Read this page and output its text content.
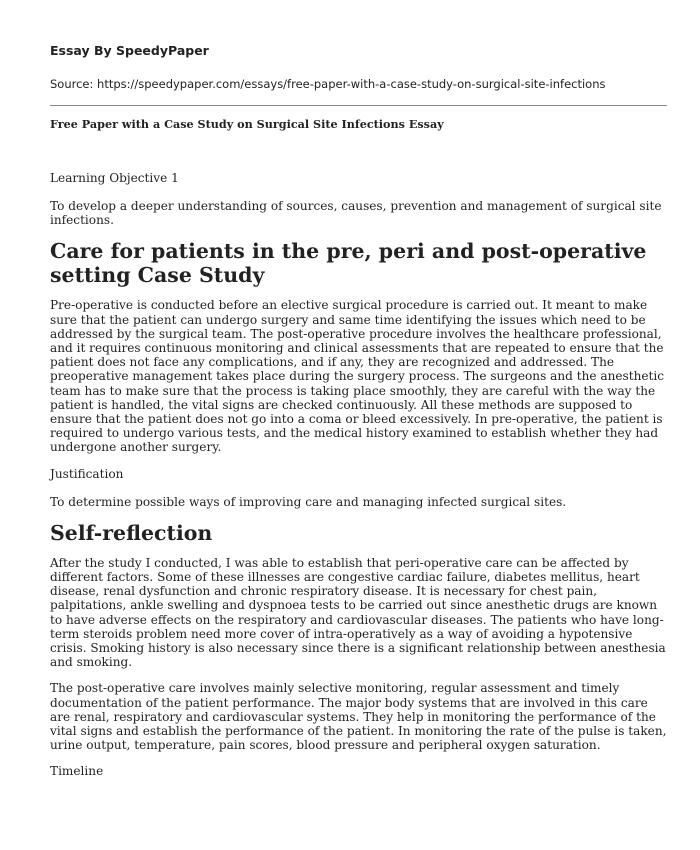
Essay By SpeedyPaper
Source: https://speedypaper.com/essays/free-paper-with-a-case-study-on-surgical-site-infections
Free Paper with a Case Study on Surgical Site Infections Essay
Learning Objective 1

To develop a deeper understanding of sources, causes, prevention and management of surgical site infections.

Care for patients in the pre, peri and post-operative setting Case Study

Pre-operative is conducted before an elective surgical procedure is carried out. It meant to make sure that the patient can undergo surgery and same time identifying the issues which need to be addressed by the surgical team. The post-operative procedure involves the healthcare professional, and it requires continuous monitoring and clinical assessments that are repeated to ensure that the patient does not face any complications, and if any, they are recognized and addressed. The preoperative management takes place during the surgery process. The surgeons and the anesthetic team has to make sure that the process is taking place smoothly, they are careful with the way the patient is handled, the vital signs are checked continuously. All these methods are supposed to ensure that the patient does not go into a coma or bleed excessively. In pre-operative, the patient is required to undergo various tests, and the medical history examined to establish whether they had undergone another surgery.

Justification

To determine possible ways of improving care and managing infected surgical sites.

Self-reflection

After the study I conducted, I was able to establish that peri-operative care can be affected by different factors. Some of these illnesses are congestive cardiac failure, diabetes mellitus, heart disease, renal dysfunction and chronic respiratory disease. It is necessary for chest pain, palpitations, ankle swelling and dyspnoea tests to be carried out since anesthetic drugs are known to have adverse effects on the respiratory and cardiovascular diseases. The patients who have long-term steroids problem need more cover of intra-operatively as a way of avoiding a hypotensive crisis. Smoking history is also necessary since there is a significant relationship between anesthesia and smoking.

The post-operative care involves mainly selective monitoring, regular assessment and timely documentation of the patient performance. The major body systems that are involved in this care are renal, respiratory and cardiovascular systems. They help in monitoring the performance of the vital signs and establish the performance of the patient. In monitoring the rate of the pulse is taken, urine output, temperature, pain scores, blood pressure and peripheral oxygen saturation.

Timeline
